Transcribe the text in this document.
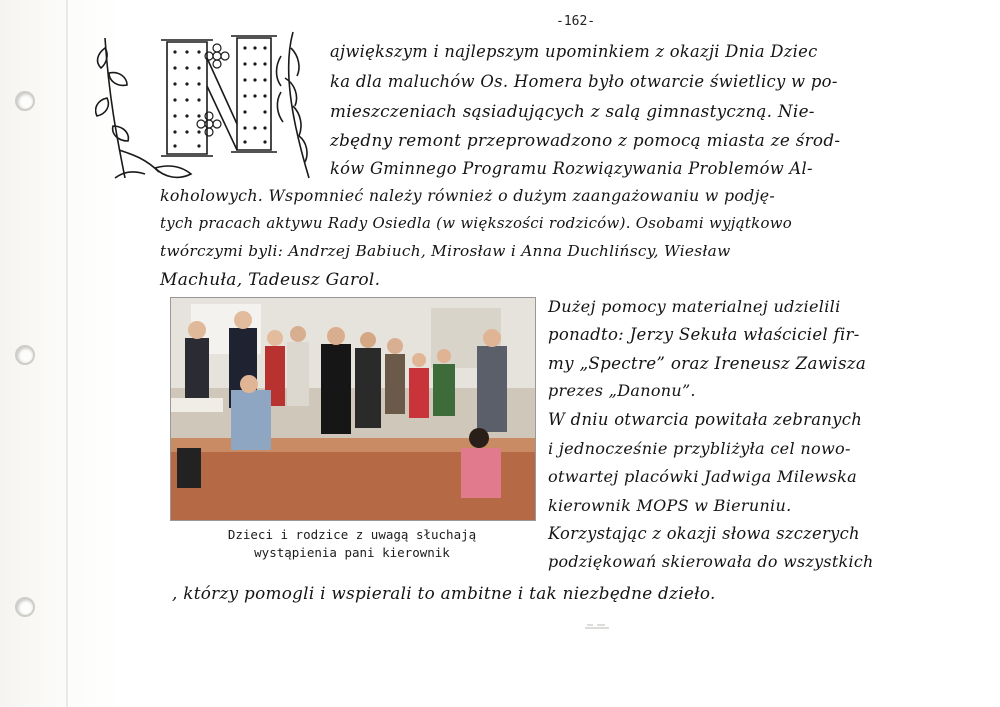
-162-

ajwiększym i najlepszym upominkiem z okazji Dnia Dziec

ka dla maluchów Os. Homera było otwarcie świetlicy w po-

mieszczeniach sąsiadujących z salą gimnastyczną. Nie-

zbędny remont przeprowadzono z pomocą miasta ze środ-

ków Gminnego Programu Rozwiązywania Problemów Al-

koholowych. Wspomnieć należy również o dużym zaangażowaniu w podję-

tych pracach aktywu Rady Osiedla (w większości rodziców). Osobami wyjątkowo

twórczymi byli: Andrzej Babiuch, Mirosław i Anna Duchlińscy, Wiesław

Machuła, Tadeusz Garol.

Dużej pomocy materialnej udzielili

ponadto: Jerzy Sekuła właściciel fir-

my „Spectre” oraz Ireneusz Zawisza

prezes „Danonu”.

W dniu otwarcia powitała zebranych

i jednocześnie przybliżyła cel nowo-

otwartej placówki Jadwiga Milewska

kierownik MOPS w Bieruniu.

Korzystając z okazji słowa szczerych

podziękowań skierowała do wszystkich

Dzieci i rodzice z uwagą słuchają

wystąpienia pani kierownik

, którzy pomogli i wspierali to ambitne i tak niezbędne dzieło.
